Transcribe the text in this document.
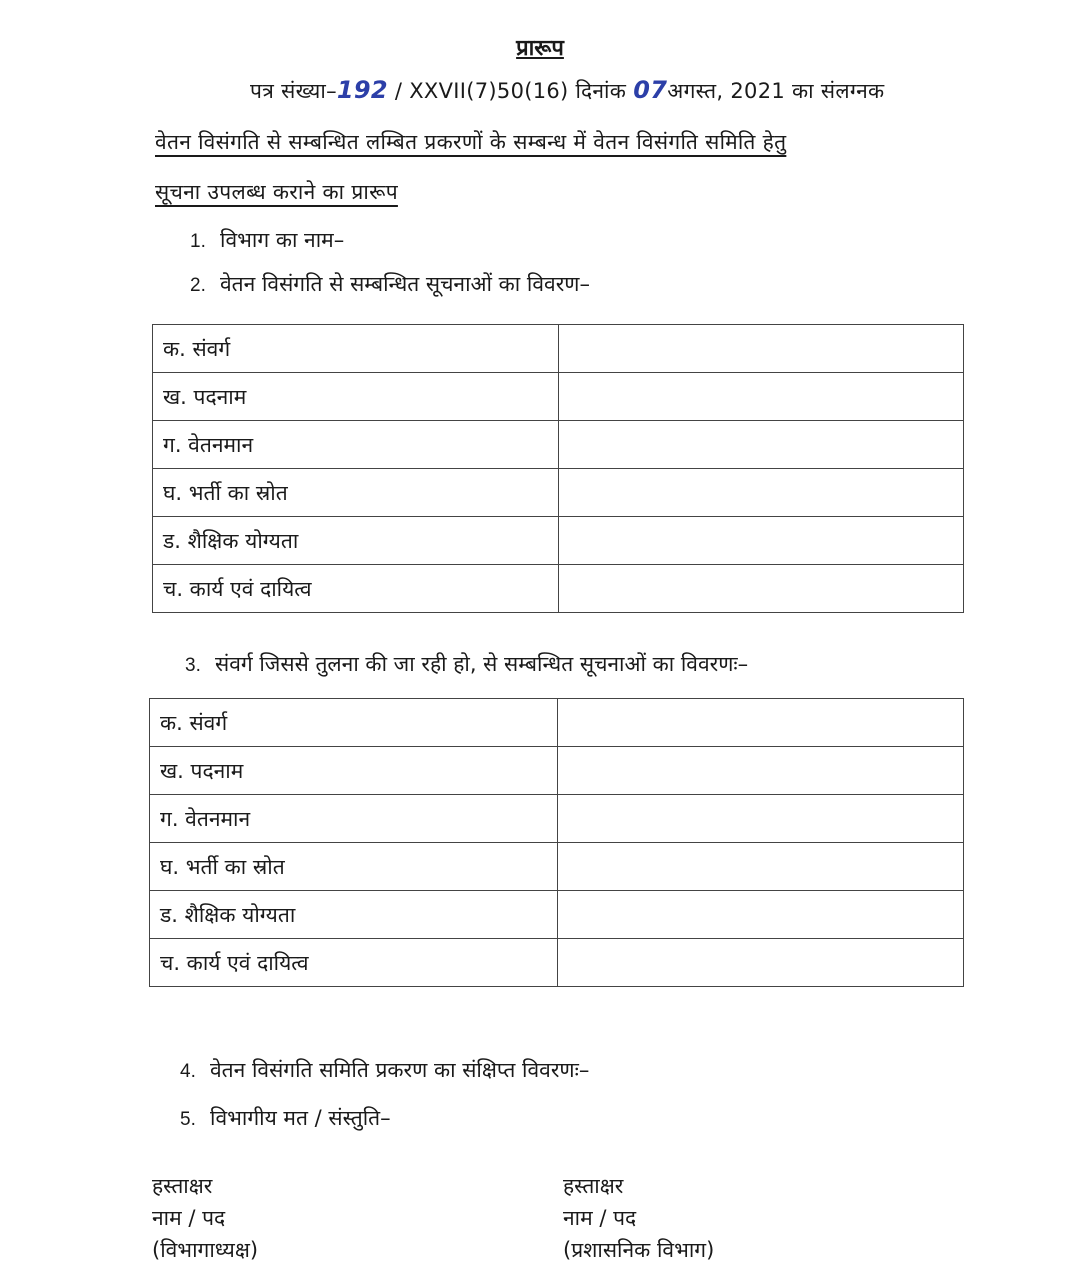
प्रारूप
पत्र संख्या–192 / XXVII(7)50(16) दिनांक 07अगस्त, 2021 का संलग्नक
वेतन विसंगति से सम्बन्धित लम्बित प्रकरणों के सम्बन्ध में वेतन विसंगति समिति हेतु
सूचना उपलब्ध कराने का प्रारूप
1. विभाग का नाम–
2. वेतन विसंगति से सम्बन्धित सूचनाओं का विवरण–
क. संवर्ग	
ख. पदनाम	
ग. वेतनमान	
घ. भर्ती का स्रोत	
ड. शैक्षिक योग्यता	
च. कार्य एवं दायित्व	
3. संवर्ग जिससे तुलना की जा रही हो, से सम्बन्धित सूचनाओं का विवरणः–
क. संवर्ग	
ख. पदनाम	
ग. वेतनमान	
घ. भर्ती का स्रोत	
ड. शैक्षिक योग्यता	
च. कार्य एवं दायित्व	
4. वेतन विसंगति समिति प्रकरण का संक्षिप्त विवरणः–
5. विभागीय मत / संस्तुति–
हस्ताक्षर
नाम / पद
(विभागाध्यक्ष)
हस्ताक्षर
नाम / पद
(प्रशासनिक विभाग)
